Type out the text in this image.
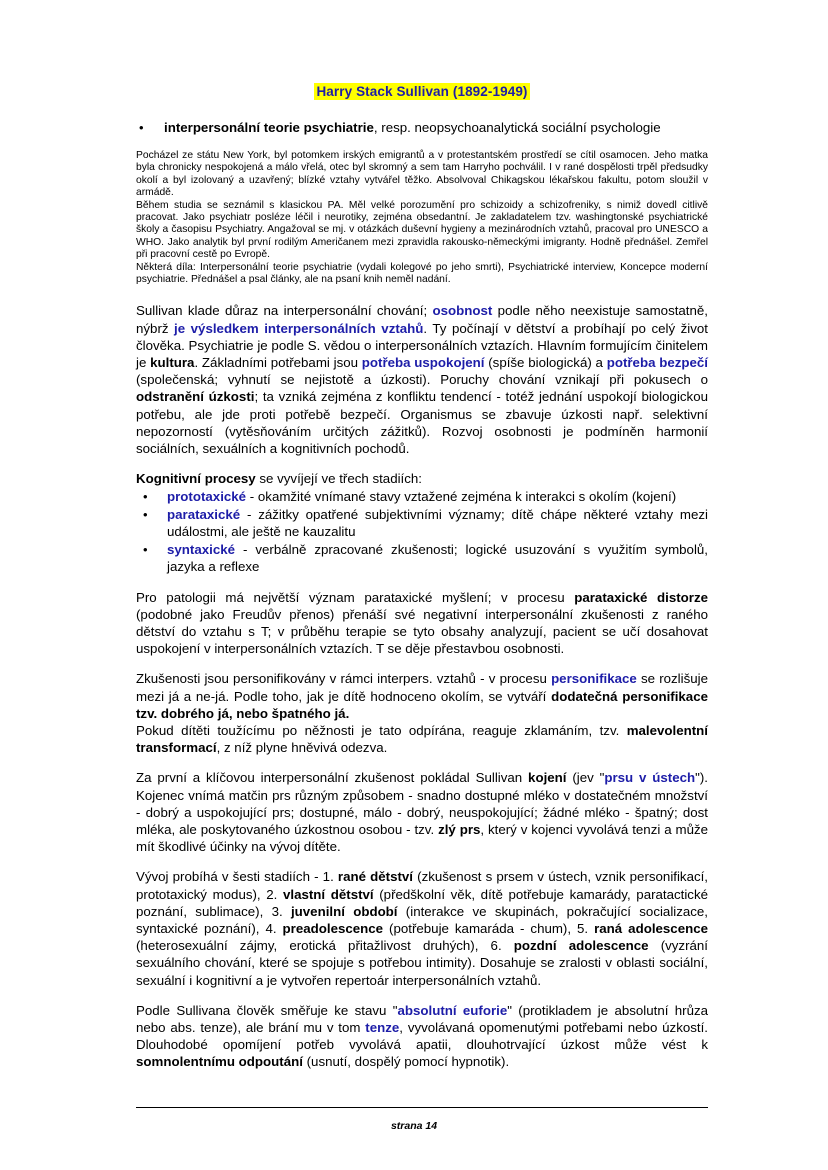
Harry Stack Sullivan (1892-1949)
•	interpersonální teorie psychiatrie, resp. neopsychoanalytická sociální psychologie

Pocházel ze státu New York, byl potomkem irských emigrantů a v protestantském prostředí se cítil osamocen. Jeho matka byla chronicky nespokojená a málo vřelá, otec byl skromný a sem tam Harryho pochválil. I v rané dospělosti trpěl předsudky okolí a byl izolovaný a uzavřený; blízké vztahy vytvářel těžko. Absolvoval Chikagskou lékařskou fakultu, potom sloužil v armádě.

Během studia se seznámil s klasickou PA. Měl velké porozumění pro schizoidy a schizofreniky, s nimiž dovedl citlivě pracovat. Jako psychiatr posléze léčil i neurotiky, zejména obsedantní. Je zakladatelem tzv. washingtonské psychiatrické školy a časopisu Psychiatry. Angažoval se mj. v otázkách duševní hygieny a mezinárodních vztahů, pracoval pro UNESCO a WHO. Jako analytik byl první rodilým Američanem mezi zpravidla rakousko-německými imigranty. Hodně přednášel. Zemřel při pracovní cestě po Evropě.

Některá díla: Interpersonální teorie psychiatrie (vydali kolegové po jeho smrti), Psychiatrické interview, Koncepce moderní psychiatrie. Přednášel a psal články, ale na psaní knih neměl nadání.

Sullivan klade důraz na interpersonální chování; osobnost podle něho neexistuje samostatně, nýbrž je výsledkem interpersonálních vztahů. Ty počínají v dětství a probíhají po celý život člověka. Psychiatrie je podle S. vědou o interpersonálních vztazích. Hlavním formujícím činitelem je kultura. Základními potřebami jsou potřeba uspokojení (spíše biologická) a potřeba bezpečí (společenská; vyhnutí se nejistotě a úzkosti). Poruchy chování vznikají při pokusech o odstranění úzkosti; ta vzniká zejména z konfliktu tendencí - totéž jednání uspokojí biologickou potřebu, ale jde proti potřebě bezpečí. Organismus se zbavuje úzkosti např. selektivní nepozorností (vytěsňováním určitých zážitků). Rozvoj osobnosti je podmíněn harmonií sociálních, sexuálních a kognitivních pochodů.

Kognitivní procesy se vyvíjejí ve třech stadiích:

• prototaxické - okamžité vnímané stavy vztažené zejména k interakci s okolím (kojení)
• parataxické - zážitky opatřené subjektivními významy; dítě chápe některé vztahy mezi událostmi, ale ještě ne kauzalitu
• syntaxické - verbálně zpracované zkušenosti; logické usuzování s využitím symbolů, jazyka a reflexe

Pro patologii má největší význam parataxické myšlení; v procesu parataxické distorze (podobné jako Freudův přenos) přenáší své negativní interpersonální zkušenosti z raného dětství do vztahu s T; v průběhu terapie se tyto obsahy analyzují, pacient se učí dosahovat uspokojení v interpersonálních vztazích. T se děje přestavbou osobnosti.

Zkušenosti jsou personifikovány v rámci interpers. vztahů - v procesu personifikace se rozlišuje mezi já a ne-já. Podle toho, jak je dítě hodnoceno okolím, se vytváří dodatečná personifikace tzv. dobrého já, nebo špatného já.

Pokud dítěti toužícímu po něžnosti je tato odpírána, reaguje zklamáním, tzv. malevolentní transformací, z níž plyne hněvivá odezva.

Za první a klíčovou interpersonální zkušenost pokládal Sullivan kojení (jev "prsu v ústech"). Kojenec vnímá matčin prs různým způsobem - snadno dostupné mléko v dostatečném množství - dobrý a uspokojující prs; dostupné, málo - dobrý, neuspokojující; žádné mléko - špatný; dost mléka, ale poskytovaného úzkostnou osobou - tzv. zlý prs, který v kojenci vyvolává tenzi a může mít škodlivé účinky na vývoj dítěte.

Vývoj probíhá v šesti stadiích - 1. rané dětství (zkušenost s prsem v ústech, vznik personifikací, prototaxický modus), 2. vlastní dětství (předškolní věk, dítě potřebuje kamarády, paratactické poznání, sublimace), 3. juvenilní období (interakce ve skupinách, pokračující socializace, syntaxické poznání), 4. preadolescence (potřebuje kamaráda - chum), 5. raná adolescence (heterosexuální zájmy, erotická přitažlivost druhých), 6. pozdní adolescence (vyzrání sexuálního chování, které se spojuje s potřebou intimity). Dosahuje se zralosti v oblasti sociální, sexuální i kognitivní a je vytvořen repertoár interpersonálních vztahů.

Podle Sullivana člověk směřuje ke stavu "absolutní euforie" (protikladem je absolutní hrůza nebo abs. tenze), ale brání mu v tom tenze, vyvolávaná opomenutými potřebami nebo úzkostí. Dlouhodobé opomíjení potřeb vyvolává apatii, dlouhotrvající úzkost může vést k somnolentnímu odpoutání (usnutí, dospělý pomocí hypnotik).

strana 14
